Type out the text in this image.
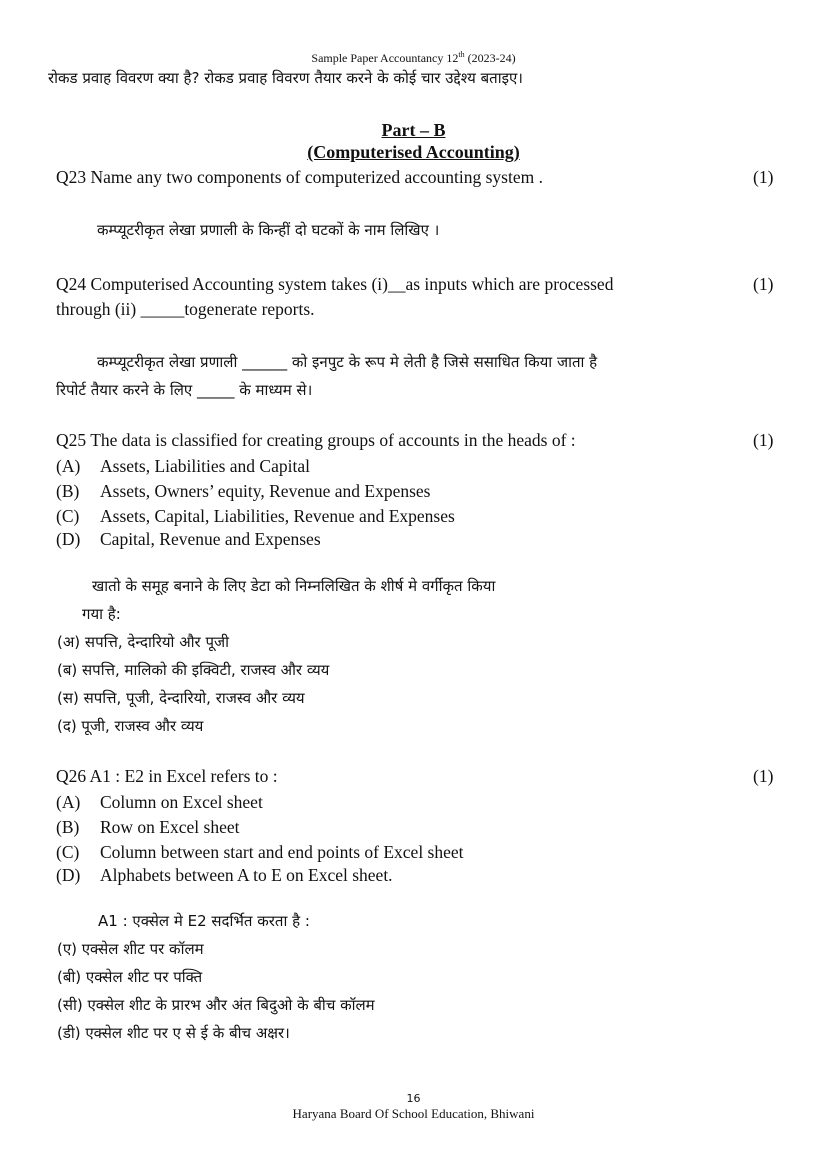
Sample Paper Accountancy 12th (2023-24)
रोकड प्रवाह विवरण क्या है? रोकड प्रवाह विवरण तैयार करने के कोई चार उद्देश्य बताइए।
Part – B
(Computerised Accounting)
Q23 Name any two components of computerized accounting system .	(1)
कम्प्यूटरीकृत लेखा प्रणाली के किन्हीं दो घटकों के नाम लिखिए ।
Q24 Computerised Accounting system takes (i)__as inputs which are processed	(1)
through (ii) _____togenerate reports.
कम्प्यूटरीकृत लेखा प्रणाली ______ को इनपुट के रूप मे लेती है जिसे ससाधित किया जाता है
रिपोर्ट तैयार करने के लिए _____ के माध्यम से।
Q25 The data is classified for creating groups of accounts in the heads of :	(1)
(A) Assets, Liabilities and Capital
(B) Assets, Owners’ equity, Revenue and Expenses
(C) Assets, Capital, Liabilities, Revenue and Expenses
(D) Capital, Revenue and Expenses
खातो के समूह बनाने के लिए डेटा को निम्नलिखित के शीर्ष मे वर्गीकृत किया
गया है:
(अ) सपत्ति, देन्दारियो और पूजी
(ब) सपत्ति, मालिको की इक्विटी, राजस्व और व्यय
(स) सपत्ति, पूजी, देन्दारियो, राजस्व और व्यय
(द) पूजी, राजस्व और व्यय
Q26 A1 : E2 in Excel refers to :	(1)
(A) Column on Excel sheet
(B) Row on Excel sheet
(C) Column between start and end points of Excel sheet
(D) Alphabets between A to E on Excel sheet.
A1 : एक्सेल मे E2 सदर्भित करता है :
(ए) एक्सेल शीट पर कॉलम
(बी) एक्सेल शीट पर पक्ति
(सी) एक्सेल शीट के प्रारभ और अंत बिदुओ के बीच कॉलम
(डी) एक्सेल शीट पर ए से ई के बीच अक्षर।
16
Haryana Board Of School Education, Bhiwani
